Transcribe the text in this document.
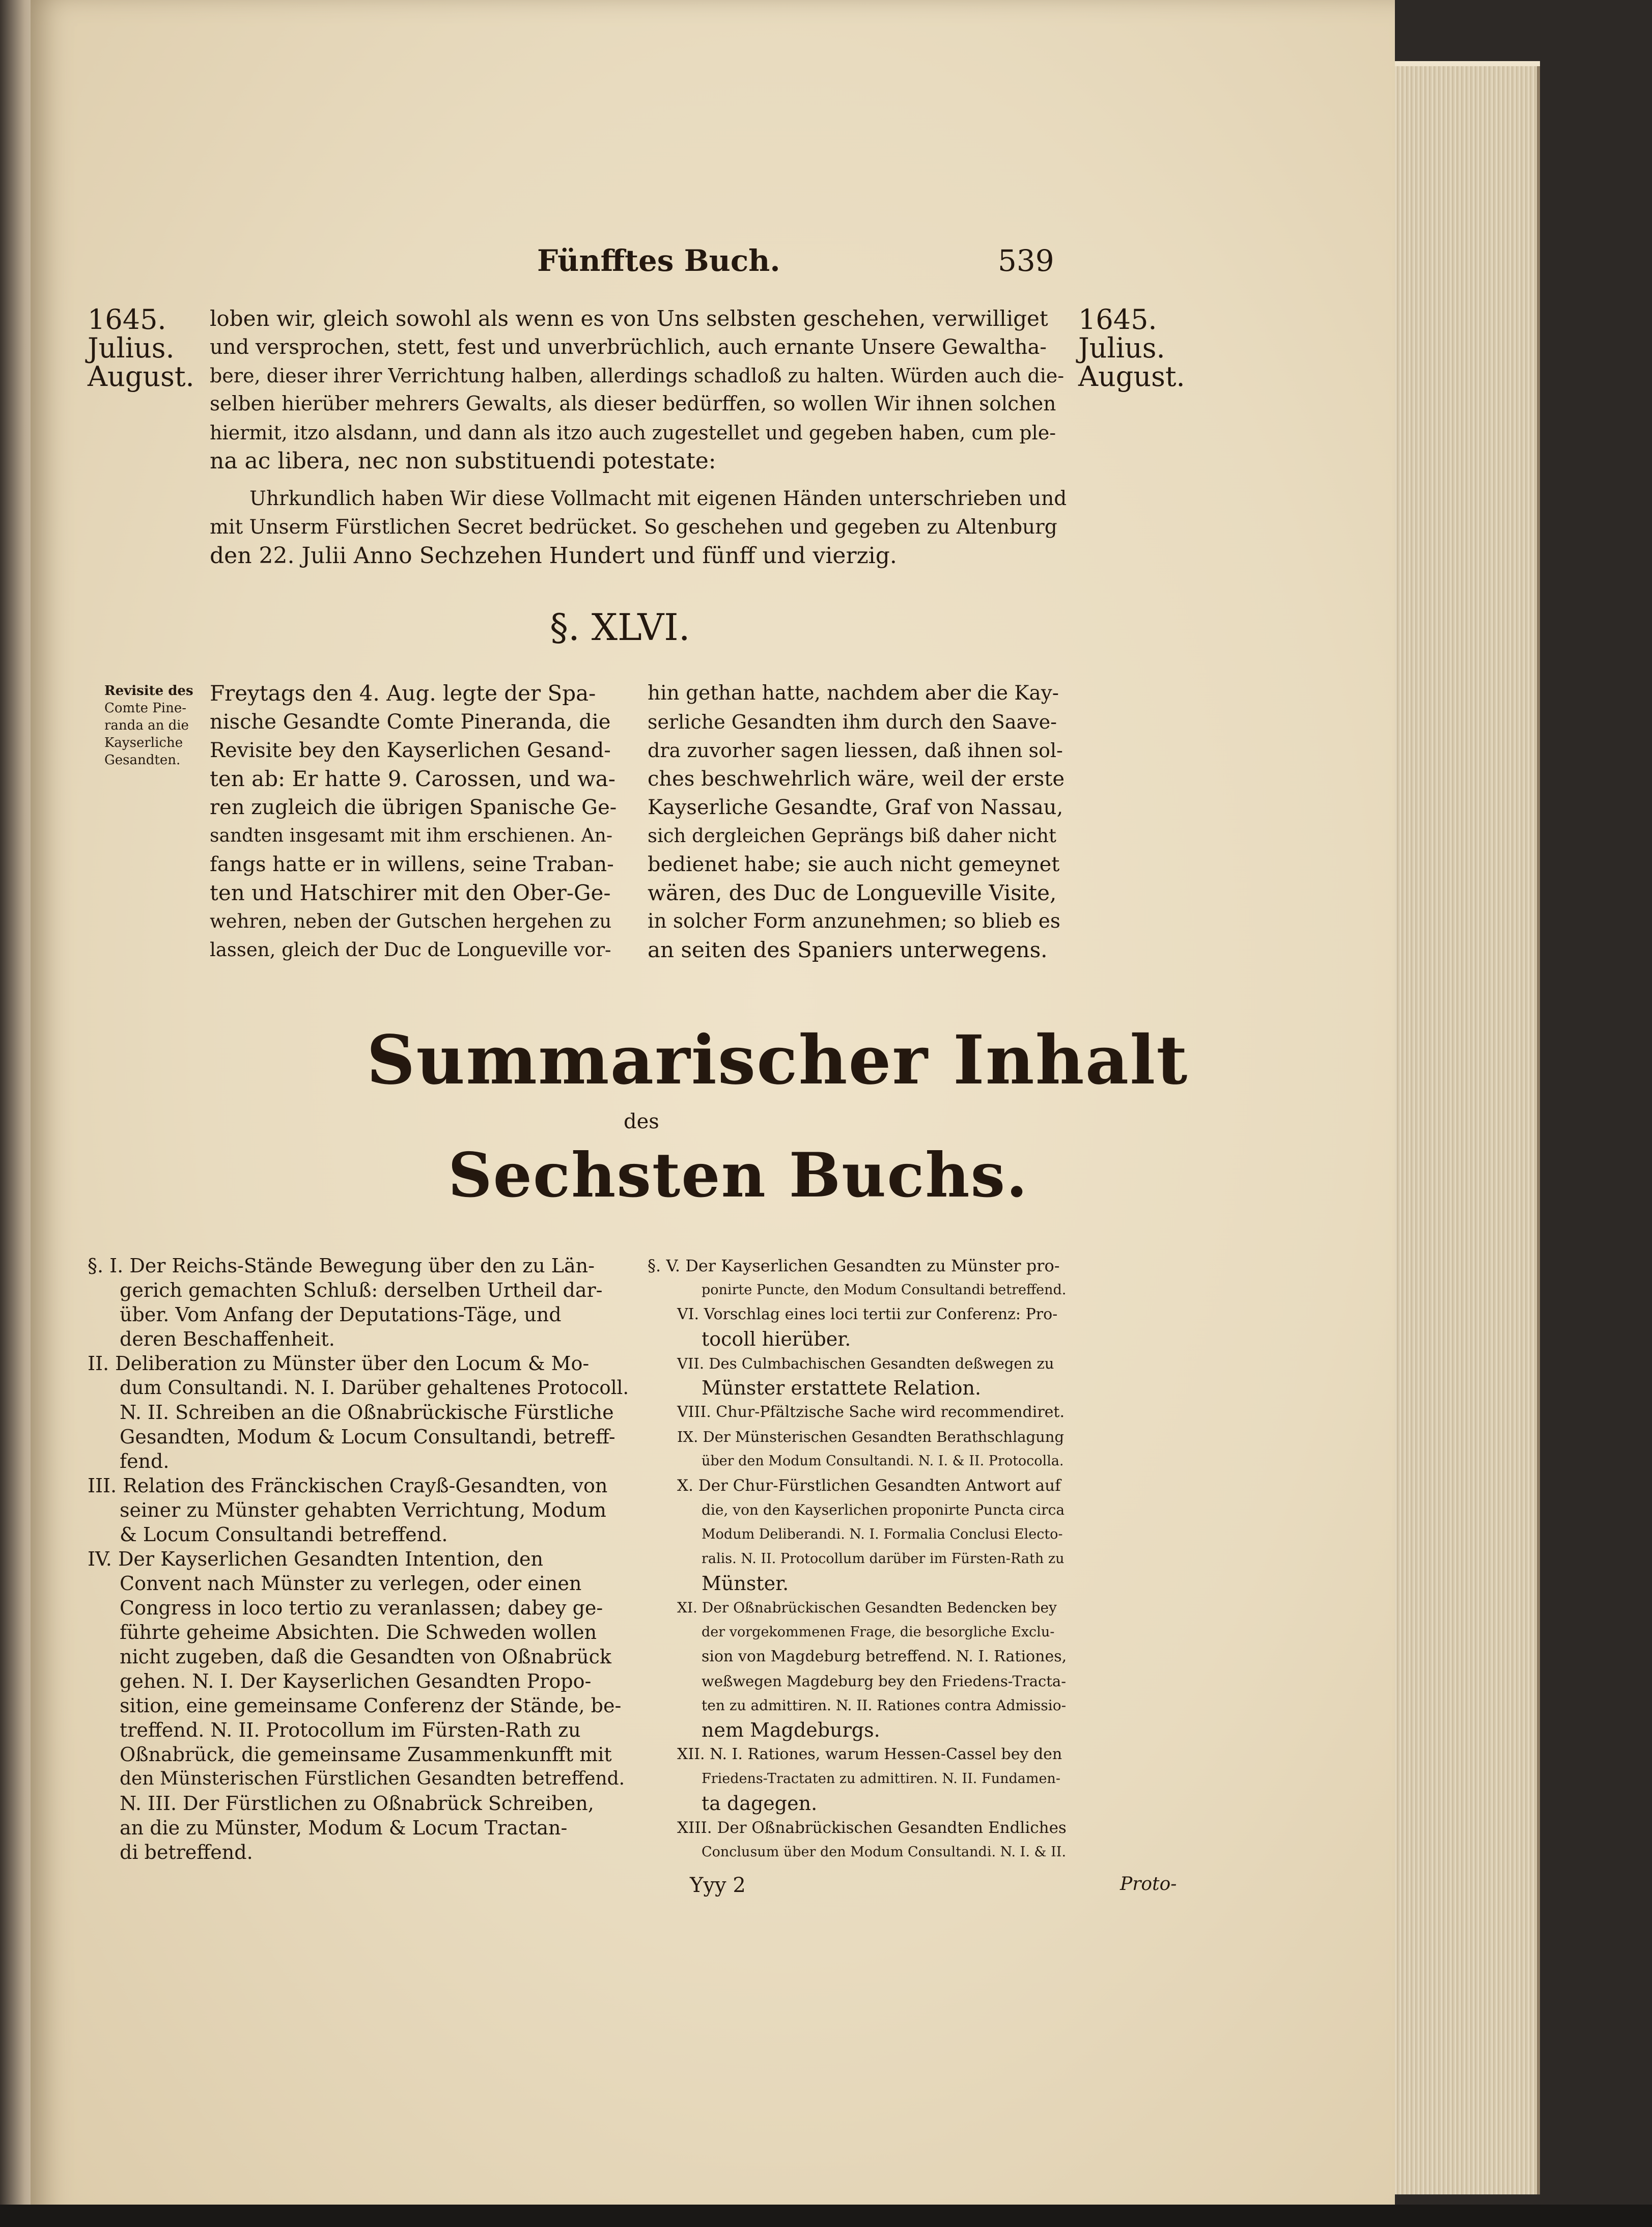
Fünfftes Buch.	539
1645.
Julius.
August.
1645.
Julius.
August.
loben wir, gleich sowohl als wenn es von Uns selbsten geschehen, verwilliget
und versprochen, stett, fest und unverbrüchlich, auch ernante Unsere Gewaltha-
bere, dieser ihrer Verrichtung halben, allerdings schadloß zu halten. Würden auch die-
selben hierüber mehrers Gewalts, als dieser bedürffen, so wollen Wir ihnen solchen
hiermit, itzo alsdann, und dann als itzo auch zugestellet und gegeben haben, cum ple-
na ac libera, nec non substituendi potestate:
Uhrkundlich haben Wir diese Vollmacht mit eigenen Händen unterschrieben und
mit Unserm Fürstlichen Secret bedrücket. So geschehen und gegeben zu Altenburg
den 22. Julii Anno Sechzehen Hundert und fünff und vierzig.
§. XLVI.
Revisite des
Comte Pine-
randa an die
Kayserliche
Gesandten.
Freytags den 4. Aug. legte der Spa-
nische Gesandte Comte Pineranda, die
Revisite bey den Kayserlichen Gesand-
ten ab: Er hatte 9. Carossen, und wa-
ren zugleich die übrigen Spanische Ge-
sandten insgesamt mit ihm erschienen. An-
fangs hatte er in willens, seine Traban-
ten und Hatschirer mit den Ober-Ge-
wehren, neben der Gutschen hergehen zu
lassen, gleich der Duc de Longueville vor-
hin gethan hatte, nachdem aber die Kay-
serliche Gesandten ihm durch den Saave-
dra zuvorher sagen liessen, daß ihnen sol-
ches beschwehrlich wäre, weil der erste
Kayserliche Gesandte, Graf von Nassau,
sich dergleichen Geprängs biß daher nicht
bedienet habe; sie auch nicht gemeynet
wären, des Duc de Longueville Visite,
in solcher Form anzunehmen; so blieb es
an seiten des Spaniers unterwegens.
Summarischer Inhalt
des
Sechsten Buchs.
§. I. Der Reichs-Stände Bewegung über den zu Län-
gerich gemachten Schluß: derselben Urtheil dar-
über. Vom Anfang der Deputations-Täge, und
deren Beschaffenheit.
II. Deliberation zu Münster über den Locum & Mo-
dum Consultandi. N. I. Darüber gehaltenes Protocoll.
N. II. Schreiben an die Oßnabrückische Fürstliche
Gesandten, Modum & Locum Consultandi, betreff-
fend.
III. Relation des Fränckischen Crayß-Gesandten, von
seiner zu Münster gehabten Verrichtung, Modum
& Locum Consultandi betreffend.
IV. Der Kayserlichen Gesandten Intention, den
Convent nach Münster zu verlegen, oder einen
Congress in loco tertio zu veranlassen; dabey ge-
führte geheime Absichten. Die Schweden wollen
nicht zugeben, daß die Gesandten von Oßnabrück
gehen. N. I. Der Kayserlichen Gesandten Propo-
sition, eine gemeinsame Conferenz der Stände, be-
treffend. N. II. Protocollum im Fürsten-Rath zu
Oßnabrück, die gemeinsame Zusammenkunfft mit
den Münsterischen Fürstlichen Gesandten betreffend.
N. III. Der Fürstlichen zu Oßnabrück Schreiben,
an die zu Münster, Modum & Locum Tractan-
di betreffend.
§. V. Der Kayserlichen Gesandten zu Münster pro-
ponirte Puncte, den Modum Consultandi betreffend.
VI. Vorschlag eines loci tertii zur Conferenz: Pro-
tocoll hierüber.
VII. Des Culmbachischen Gesandten deßwegen zu
Münster erstattete Relation.
VIII. Chur-Pfältzische Sache wird recommendiret.
IX. Der Münsterischen Gesandten Berathschlagung
über den Modum Consultandi. N. I. & II. Protocolla.
X. Der Chur-Fürstlichen Gesandten Antwort auf
die, von den Kayserlichen proponirte Puncta circa
Modum Deliberandi. N. I. Formalia Conclusi Electo-
ralis. N. II. Protocollum darüber im Fürsten-Rath zu
Münster.
XI. Der Oßnabrückischen Gesandten Bedencken bey
der vorgekommenen Frage, die besorgliche Exclu-
sion von Magdeburg betreffend. N. I. Rationes,
weßwegen Magdeburg bey den Friedens-Tracta-
ten zu admittiren. N. II. Rationes contra Admissio-
nem Magdeburgs.
XII. N. I. Rationes, warum Hessen-Cassel bey den
Friedens-Tractaten zu admittiren. N. II. Fundamen-
ta dagegen.
XIII. Der Oßnabrückischen Gesandten Endliches
Conclusum über den Modum Consultandi. N. I. & II.
Yyy 2	Proto-
